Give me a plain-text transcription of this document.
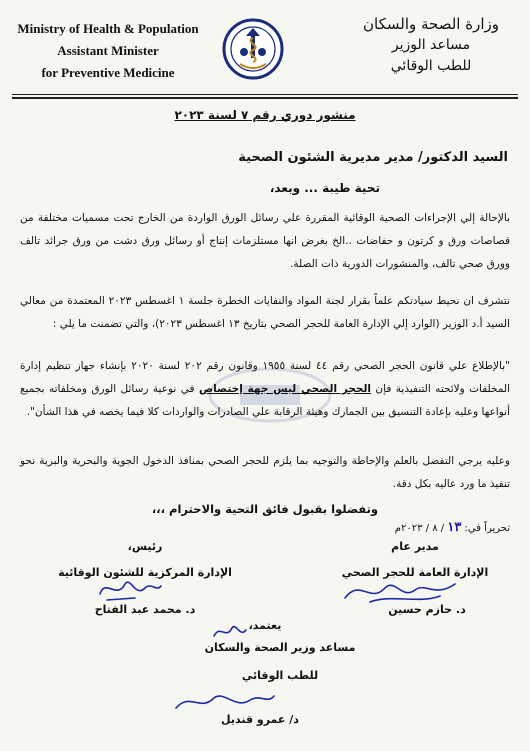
Ministry of Health & Population
Assistant Minister
for Preventive Medicine
وزارة الصحة والسكان
مساعد الوزير
للطب الوقائي
منشور دوري رقم ٧ لسنة ٢٠٢٣
السيد الدكتور/ مدير مديرية الشئون الصحية
تحية طيبة ... وبعد،
بالإحالة إلي الإجراءات الصحية الوقائية المقررة علي رسائل الورق الواردة من الخارج تحت مسميات مختلفة من قصاصات ورق و كرتون و حفاضات ..الخ بغرض انها مستلزمات إنتاج أو رسائل ورق دشت من ورق جرائد تالف وورق صحي تالف، والمنشورات الدورية ذات الصلة.
نتشرف ان نحيط سيادتكم علماً بقرار لجنة المواد والنفايات الخطرة جلسة ١ اغسطس ٢٠٢٣ المعتمدة من معالي السيد أ.د الوزير (الوارد إلي الإدارة العامة للحجر الصحي بتاريخ ١٣ اغسطس ٢٠٢٣)، والتي تضمنت ما يلي :
"بالإطلاع علي قانون الحجر الصحي رقم ٤٤ لسنة ١٩٥٥ وقانون رقم ٢٠٢ لسنة ٢٠٢٠ بإنشاء جهاز تنظيم إدارة المخلفات ولائحته التنفيذية فإن الحجر الصحي ليس جهة إختصاص في نوعية رسائل الورق ومخلفاته بجميع أنواعها وعليه بإعادة التنسيق بين الجمارك وهيئة الرقابة علي الصادرات والواردات كلا فيما يخصه في هذا الشأن".
وعليه يرجي التفضل بالعلم والإحاطة والتوجيه بما يلزم للحجر الصحي بمنافذ الدخول الجوية والبحرية والبرية نحو تنفيذ ما ورد عاليه بكل دقة.
وتفضلوا بقبول فائق التحية والاحترام ،،،
تحريراً في: ١٣ / ٨ / ٢٠٢٣م
مدير عام
الإدارة العامة للحجر الصحي
د. حازم حسين
رئيس،
الإدارة المركزية للشئون الوقائية
د. محمد عبد الفتاح
يعتمد،
مساعد وزير الصحة والسكان
للطب الوقائي
د/ عمرو قنديل
